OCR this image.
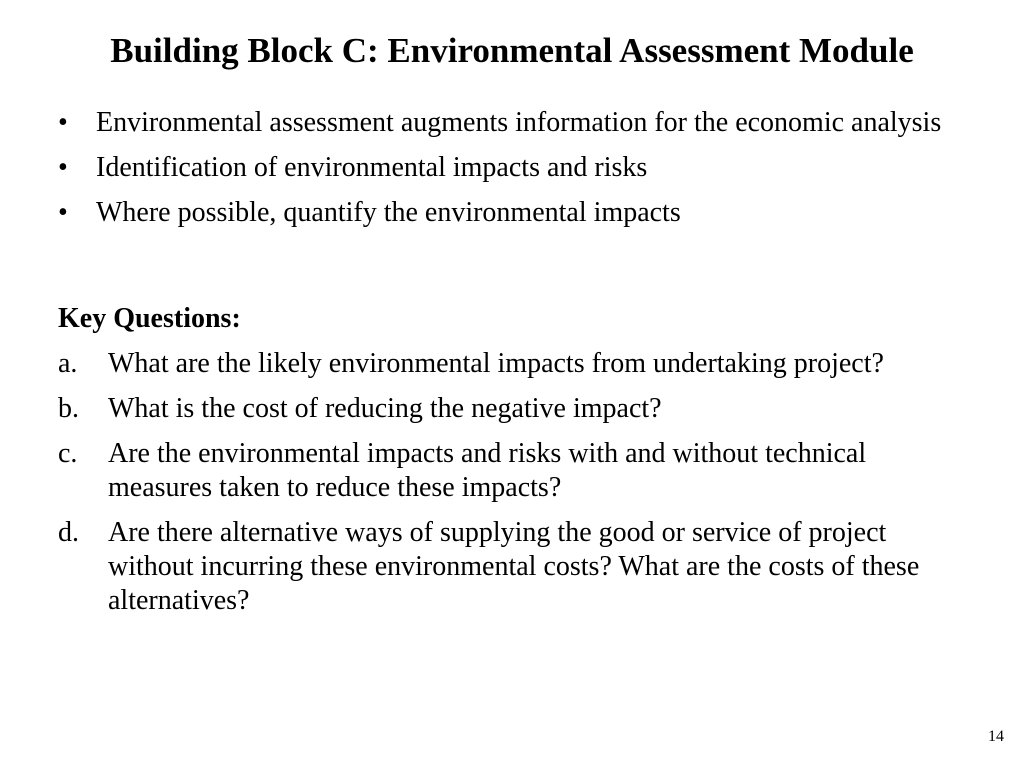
Building Block C: Environmental Assessment Module
•	Environmental assessment augments information for the economic analysis
•	Identification of environmental impacts and risks
•	Where possible, quantify the environmental impacts
Key Questions:
a.	What are the likely environmental impacts from undertaking project?
b.	What is the cost of reducing the negative impact?
c.	Are the environmental impacts and risks with and without technical measures taken to reduce these impacts?
d.	Are there alternative ways of supplying the good or service of project without incurring these environmental costs? What are the costs of these alternatives?
14
